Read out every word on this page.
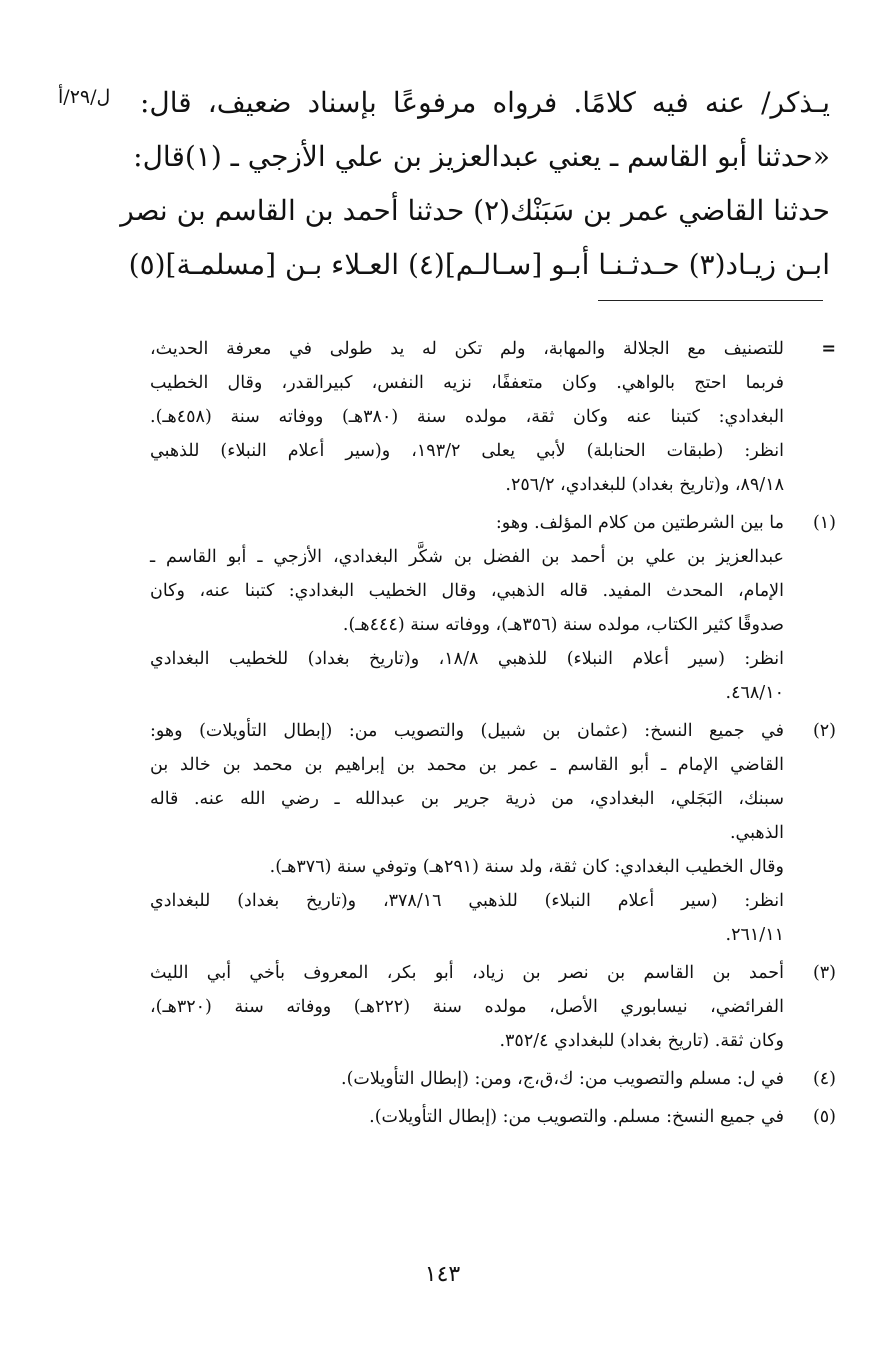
ل/٢٩/أ يـذكر/ عنه فيه كلامًا. فرواه مرفوعًا بإسناد ضعيف، قال:
«حدثنا أبو القاسم ـ يعني عبدالعزيز بن علي الأزجي ـ (١)قال:
حدثنا القاضي عمر بن سَبَنْك(٢) حدثنا أحمد بن القاسم بن نصر
ابـن زيـاد(٣) حـدثـنـا أبـو [سـالـم](٤) العـلاء بـن [مسلمـة](٥)
=
للتصنيف مع الجلالة والمهابة، ولم تكن له يد طولى في معرفة الحديث،
فربما احتج بالواهي. وكان متعففًا، نزيه النفس، كبيرالقدر، وقال الخطيب
البغدادي: كتبنا عنه وكان ثقة، مولده سنة (٣٨٠هـ) ووفاته سنة (٤٥٨هـ).
انظر: (طبقات الحنابلة) لأبي يعلى ١٩٣/٢، و(سير أعلام النبلاء) للذهبي
٨٩/١٨، و(تاريخ بغداد) للبغدادي، ٢٥٦/٢.
(١)
ما بين الشرطتين من كلام المؤلف. وهو:
عبدالعزيز بن علي بن أحمد بن الفضل بن شكَّر البغدادي، الأزجي ـ أبو القاسم ـ
الإمام، المحدث المفيد. قاله الذهبي، وقال الخطيب البغدادي: كتبنا عنه، وكان
صدوقًا كثير الكتاب، مولده سنة (٣٥٦هـ)، ووفاته سنة (٤٤٤هـ).
انظر: (سير أعلام النبلاء) للذهبي ١٨/٨، و(تاريخ بغداد) للخطيب البغدادي
٤٦٨/١٠.
(٢)
في جميع النسخ: (عثمان بن شبيل) والتصويب من: (إبطال التأويلات) وهو:
القاضي الإمام ـ أبو القاسم ـ عمر بن محمد بن إبراهيم بن محمد بن خالد بن
سبنك، البَجَلي، البغدادي، من ذرية جرير بن عبدالله ـ رضي الله عنه. قاله
الذهبي.
وقال الخطيب البغدادي: كان ثقة، ولد سنة (٢٩١هـ) وتوفي سنة (٣٧٦هـ).
انظر: (سير أعلام النبلاء) للذهبي ٣٧٨/١٦، و(تاريخ بغداد) للبغدادي
٢٦١/١١.
(٣)
أحمد بن القاسم بن نصر بن زياد، أبو بكر، المعروف بأخي أبي الليث
الفرائضي، نيسابوري الأصل، مولده سنة (٢٢٢هـ) ووفاته سنة (٣٢٠هـ)،
وكان ثقة. (تاريخ بغداد) للبغدادي ٣٥٢/٤.
(٤)
في ل: مسلم والتصويب من: ك،ق،ج، ومن: (إبطال التأويلات).
(٥)
في جميع النسخ: مسلم. والتصويب من: (إبطال التأويلات).
١٤٣
